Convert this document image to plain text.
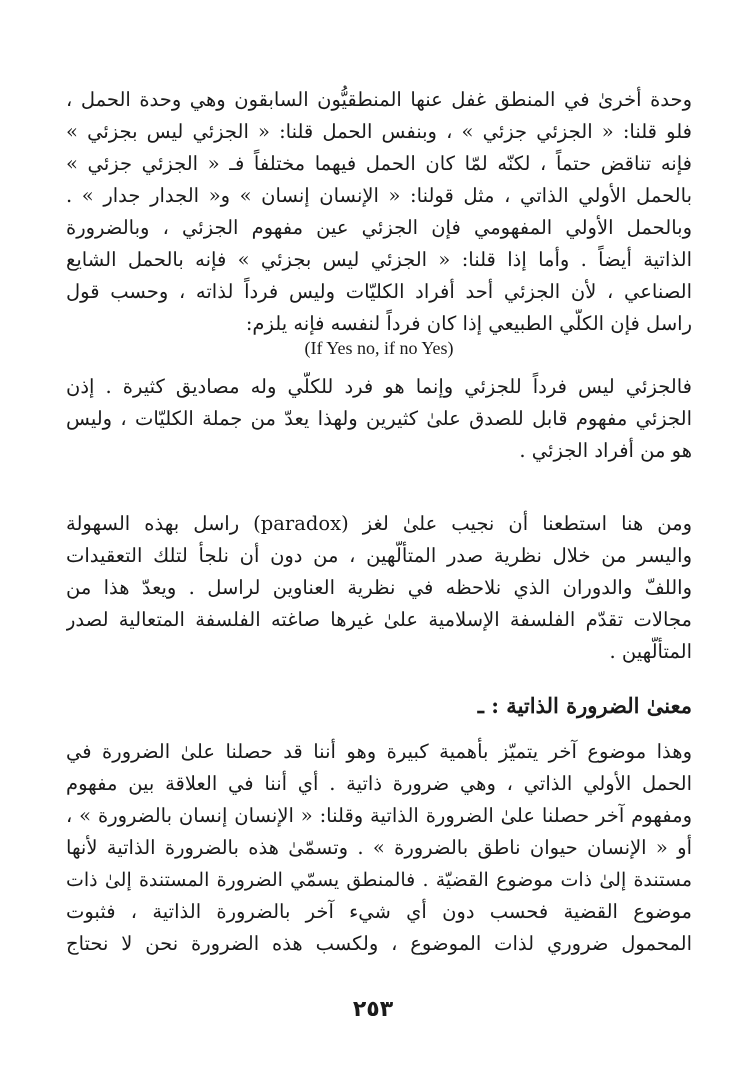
وحدة أخرىٰ في المنطق غفل عنها المنطقيُّون السابقون وهي وحدة الحمل ،
فلو قلنا: « الجزئي جزئي » ، وبنفس الحمل قلنا: « الجزئي ليس بجزئي »
فإنه تناقض حتماً ، لكنّه لمّا كان الحمل فيهما مختلفاً فـ « الجزئي جزئي »
بالحمل الأولي الذاتي ، مثل قولنا: « الإنسان إنسان » و« الجدار جدار » .
وبالحمل الأولي المفهومي فإن الجزئي عين مفهوم الجزئي ، وبالضرورة
الذاتية أيضاً . وأما إذا قلنا: « الجزئي ليس بجزئي » فإنه بالحمل الشايع
الصناعي ، لأن الجزئي أحد أفراد الكليّات وليس فرداً لذاته ، وحسب قول
راسل فإن الكلّي الطبيعي إذا كان فرداً لنفسه فإنه يلزم:
(If Yes no, if no Yes)
فالجزئي ليس فرداً للجزئي وإنما هو فرد للكلّي وله مصاديق كثيرة . إذن
الجزئي مفهوم قابل للصدق علىٰ كثيرين ولهذا يعدّ من جملة الكليّات ، وليس
هو من أفراد الجزئي .
ومن هنا استطعنا أن نجيب علىٰ لغز (paradox) راسل بهذه السهولة
واليسر من خلال نظرية صدر المتألّهين ، من دون أن نلجأ لتلك التعقيدات
واللفّ والدوران الذي نلاحظه في نظرية العناوين لراسل . ويعدّ هذا من
مجالات تقدّم الفلسفة الإسلامية علىٰ غيرها صاغته الفلسفة المتعالية لصدر
المتألّهين .
معنىٰ الضرورة الذاتية : ـ
وهذا موضوع آخر يتميّز بأهمية كبيرة وهو أننا قد حصلنا علىٰ الضرورة في
الحمل الأولي الذاتي ، وهي ضرورة ذاتية . أي أننا في العلاقة بين مفهوم
ومفهوم آخر حصلنا علىٰ الضرورة الذاتية وقلنا: « الإنسان إنسان بالضرورة » ،
أو « الإنسان حيوان ناطق بالضرورة » . وتسمّىٰ هذه بالضرورة الذاتية لأنها
مستندة إلىٰ ذات موضوع القضيّة . فالمنطق يسمّي الضرورة المستندة إلىٰ ذات
موضوع القضية فحسب دون أي شيء آخر بالضرورة الذاتية ، فثبوت
المحمول ضروري لذات الموضوع ، ولكسب هذه الضرورة نحن لا نحتاج
٢٥٣
